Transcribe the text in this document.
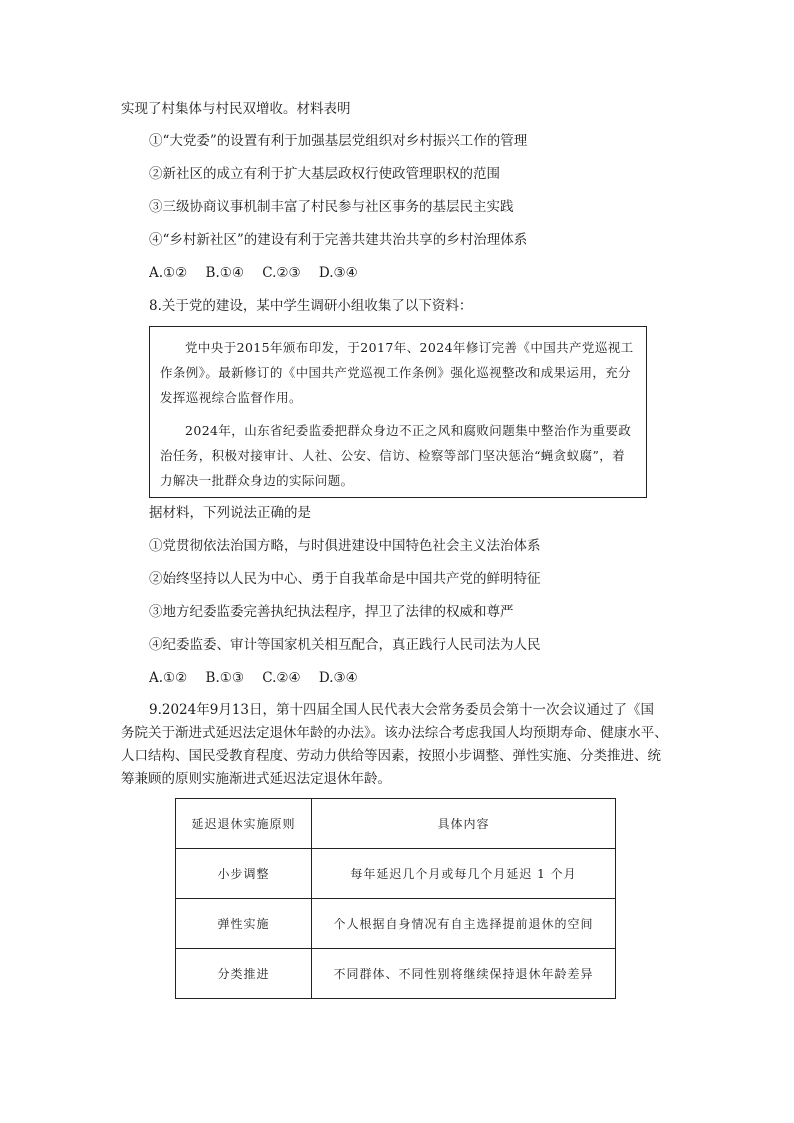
实现了村集体与村民双增收。材料表明
①“大党委”的设置有利于加强基层党组织对乡村振兴工作的管理
②新社区的成立有利于扩大基层政权行使政管理职权的范围
③三级协商议事机制丰富了村民参与社区事务的基层民主实践
④“乡村新社区”的建设有利于完善共建共治共享的乡村治理体系
A.①② B.①④ C.②③ D.③④
8.关于党的建设，某中学生调研小组收集了以下资料：

党中央于2015年颁布印发，于2017年、2024年修订完善《中国共产党巡视工作条例》。最新修订的《中国共产党巡视工作条例》强化巡视整改和成果运用，充分发挥巡视综合监督作用。

2024年，山东省纪委监委把群众身边不正之风和腐败问题集中整治作为重要政治任务，积极对接审计、人社、公安、信访、检察等部门坚决惩治“蝇贪蚁腐”，着力解决一批群众身边的实际问题。

据材料，下列说法正确的是
①党贯彻依法治国方略，与时俱进建设中国特色社会主义法治体系
②始终坚持以人民为中心、勇于自我革命是中国共产党的鲜明特征
③地方纪委监委完善执纪执法程序，捍卫了法律的权威和尊严
④纪委监委、审计等国家机关相互配合，真正践行人民司法为人民
A.①② B.①③ C.②④ D.③④
9.2024年9月13日，第十四届全国人民代表大会常务委员会第十一次会议通过了《国
务院关于渐进式延迟法定退休年龄的办法》。该办法综合考虑我国人均预期寿命、健康水平、
人口结构、国民受教育程度、劳动力供给等因素，按照小步调整、弹性实施、分类推进、统
筹兼顾的原则实施渐进式延迟法定退休年龄。
延迟退休实施原则	具体内容
小步调整	每年延迟几个月或每几个月延迟 1 个月
弹性实施	个人根据自身情况有自主选择提前退休的空间
分类推进	不同群体、不同性别将继续保持退休年龄差异
